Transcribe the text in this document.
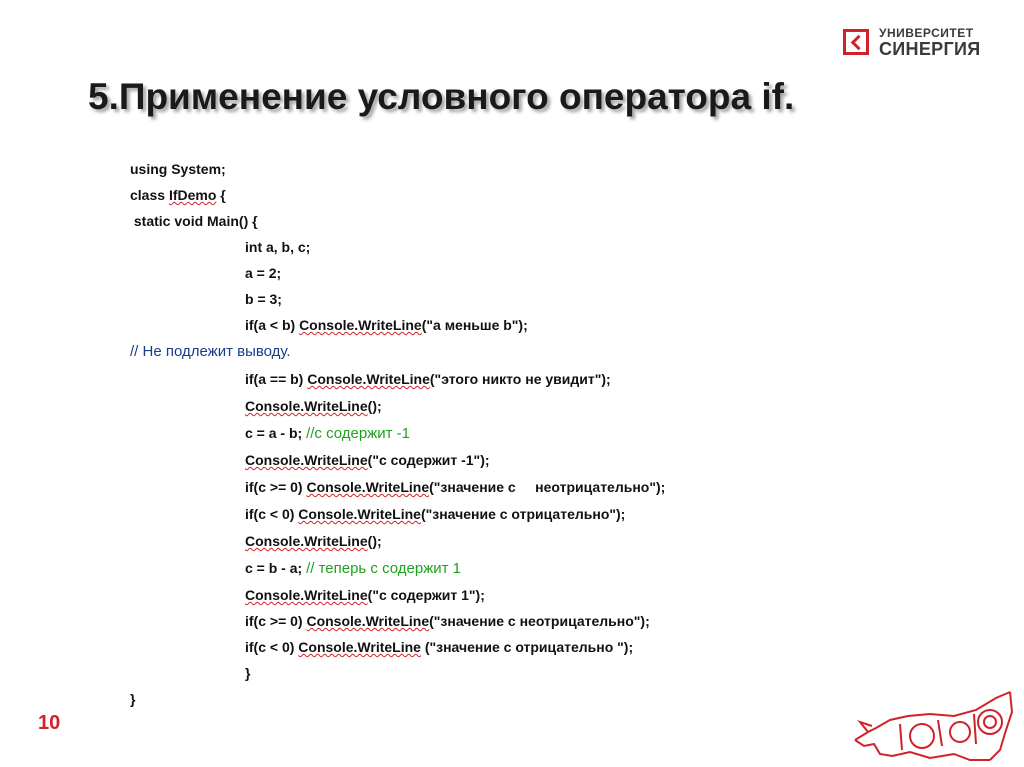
УНИВЕРСИТЕТ
СИНЕРГИЯ
5.Применение условного оператора if.
using System;
class IfDemo {
static void Main() {
int a, b, c;
a = 2;
b = 3;
if(a < b) Console.WriteLine("a меньше b");
// Не подлежит выводу.
if(a == b) Console.WriteLine("этого никто не увидит");
Console.WriteLine();
c = a - b; //c содержит -1
Console.WriteLine("c содержит -1");
if(c >= 0) Console.WriteLine("значение c     неотрицательно");
if(c < 0) Console.WriteLine("значение c отрицательно");
Console.WriteLine();
c = b - a; // теперь с содержит 1
Console.WriteLine("c содержит 1");
if(c >= 0) Console.WriteLine("значение c неотрицательно");
if(c < 0) Console.WriteLine ("значение c отрицательно ");
}
}
10
